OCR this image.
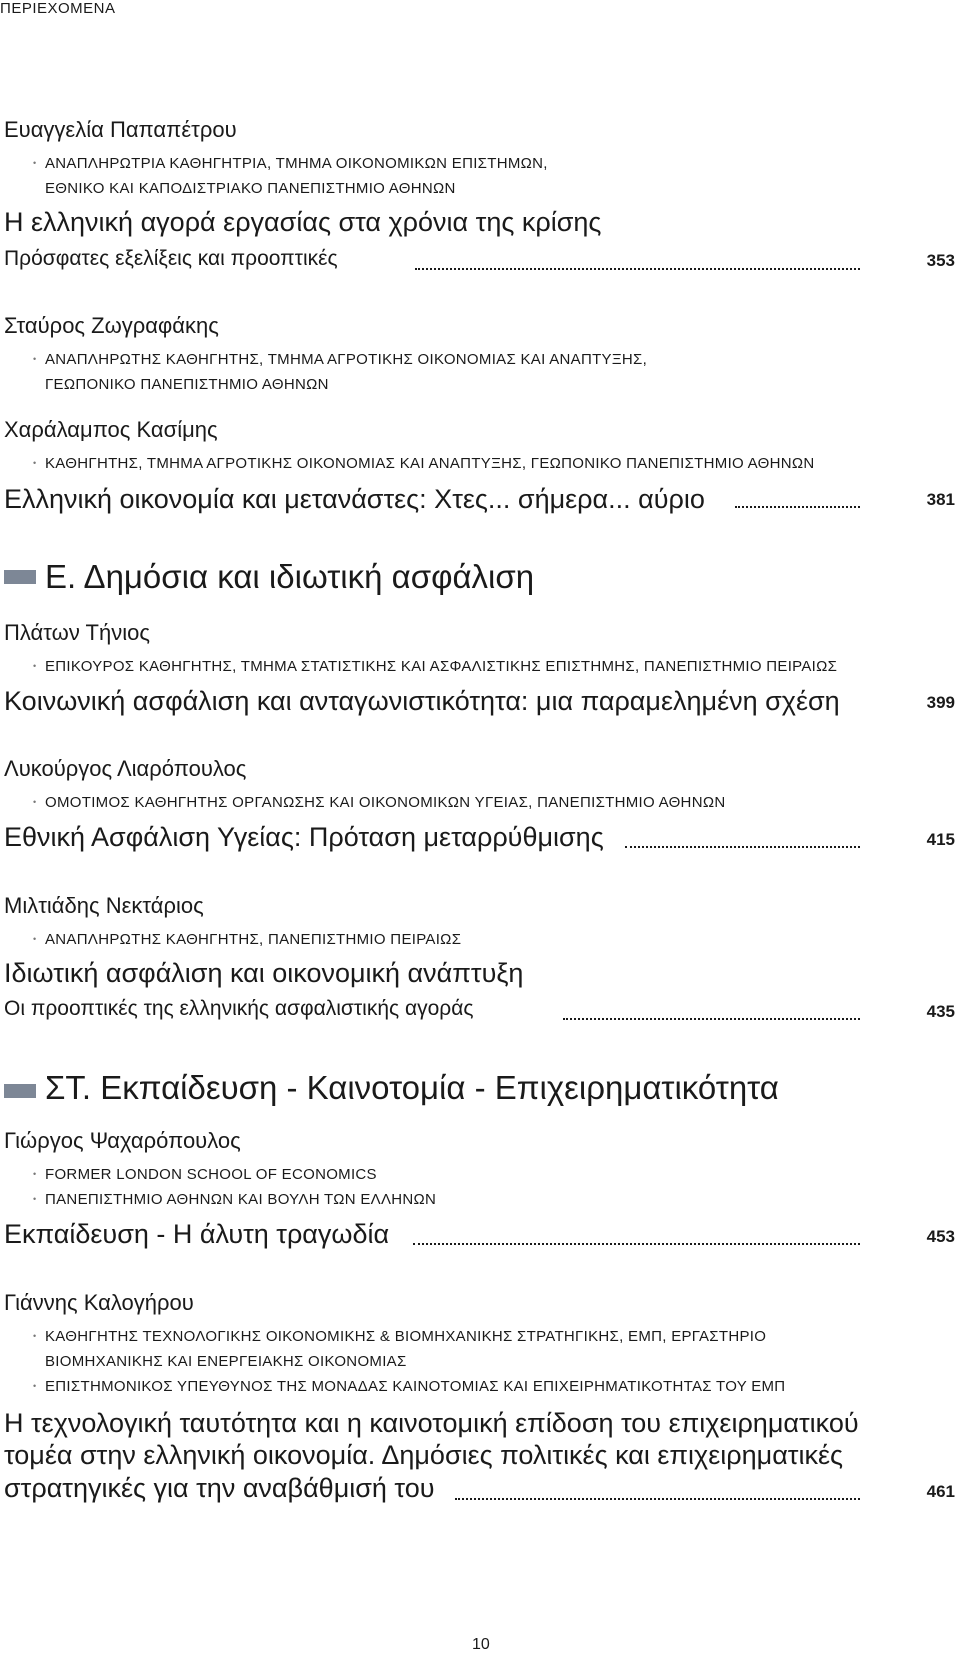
ΠΕΡΙΕΧΟΜΕΝΑ
Ευαγγελία Παπαπέτρου
• ΑΝΑΠΛΗΡΩΤΡΙΑ ΚΑΘΗΓΗΤΡΙΑ, ΤΜΗΜΑ ΟΙΚΟΝΟΜΙΚΩΝ ΕΠΙΣΤΗΜΩΝ,
ΕΘΝΙΚΟ ΚΑΙ ΚΑΠΟΔΙΣΤΡΙΑΚΟ ΠΑΝΕΠΙΣΤΗΜΙΟ ΑΘΗΝΩΝ
Η ελληνική αγορά εργασίας στα χρόνια της κρίσης
Πρόσφατες εξελίξεις και προοπτικές	353
Σταύρος Ζωγραφάκης
• ΑΝΑΠΛΗΡΩΤΗΣ ΚΑΘΗΓΗΤΗΣ, ΤΜΗΜΑ ΑΓΡΟΤΙΚΗΣ ΟΙΚΟΝΟΜΙΑΣ ΚΑΙ ΑΝΑΠΤΥΞΗΣ,
ΓΕΩΠΟΝΙΚΟ ΠΑΝΕΠΙΣΤΗΜΙΟ ΑΘΗΝΩΝ
Χαράλαμπος Κασίμης
• ΚΑΘΗΓΗΤΗΣ, ΤΜΗΜΑ ΑΓΡΟΤΙΚΗΣ ΟΙΚΟΝΟΜΙΑΣ ΚΑΙ ΑΝΑΠΤΥΞΗΣ, ΓΕΩΠΟΝΙΚΟ ΠΑΝΕΠΙΣΤΗΜΙΟ ΑΘΗΝΩΝ
Ελληνική οικονομία και μετανάστες: Χτες... σήμερα... αύριο	381
Ε. Δημόσια και ιδιωτική ασφάλιση
Πλάτων Τήνιος
• ΕΠΙΚΟΥΡΟΣ ΚΑΘΗΓΗΤΗΣ, ΤΜΗΜΑ ΣΤΑΤΙΣΤΙΚΗΣ ΚΑΙ ΑΣΦΑΛΙΣΤΙΚΗΣ ΕΠΙΣΤΗΜΗΣ, ΠΑΝΕΠΙΣΤΗΜΙΟ ΠΕΙΡΑΙΩΣ
Κοινωνική ασφάλιση και ανταγωνιστικότητα: μια παραμελημένη σχέση	399
Λυκούργος Λιαρόπουλος
• ΟΜΟΤΙΜΟΣ ΚΑΘΗΓΗΤΗΣ ΟΡΓΑΝΩΣΗΣ ΚΑΙ ΟΙΚΟΝΟΜΙΚΩΝ ΥΓΕΙΑΣ, ΠΑΝΕΠΙΣΤΗΜΙΟ ΑΘΗΝΩΝ
Εθνική Ασφάλιση Υγείας: Πρόταση μεταρρύθμισης	415
Μιλτιάδης Νεκτάριος
• ΑΝΑΠΛΗΡΩΤΗΣ ΚΑΘΗΓΗΤΗΣ, ΠΑΝΕΠΙΣΤΗΜΙΟ ΠΕΙΡΑΙΩΣ
Ιδιωτική ασφάλιση και οικονομική ανάπτυξη
Οι προοπτικές της ελληνικής ασφαλιστικής αγοράς	435
ΣΤ. Εκπαίδευση - Καινοτομία - Επιχειρηματικότητα
Γιώργος Ψαχαρόπουλος
• FORMER LONDON SCHOOL OF ECONOMICS
• ΠΑΝΕΠΙΣΤΗΜΙΟ ΑΘΗΝΩΝ ΚΑΙ ΒΟΥΛΗ ΤΩΝ ΕΛΛΗΝΩΝ
Εκπαίδευση - Η άλυτη τραγωδία	453
Γιάννης Καλογήρου
• ΚΑΘΗΓΗΤΗΣ ΤΕΧΝΟΛΟΓΙΚΗΣ ΟΙΚΟΝΟΜΙΚΗΣ & ΒΙΟΜΗΧΑΝΙΚΗΣ ΣΤΡΑΤΗΓΙΚΗΣ, ΕΜΠ, ΕΡΓΑΣΤΗΡΙΟ
ΒΙΟΜΗΧΑΝΙΚΗΣ ΚΑΙ ΕΝΕΡΓΕΙΑΚΗΣ ΟΙΚΟΝΟΜΙΑΣ
• ΕΠΙΣΤΗΜΟΝΙΚΟΣ ΥΠΕΥΘΥΝΟΣ ΤΗΣ ΜΟΝΑΔΑΣ ΚΑΙΝΟΤΟΜΙΑΣ ΚΑΙ ΕΠΙΧΕΙΡΗΜΑΤΙΚΟΤΗΤΑΣ ΤΟΥ ΕΜΠ
Η τεχνολογική ταυτότητα και η καινοτομική επίδοση του επιχειρηματικού
τομέα στην ελληνική οικονομία. Δημόσιες πολιτικές και επιχειρηματικές
στρατηγικές για την αναβάθμισή του	461
10
